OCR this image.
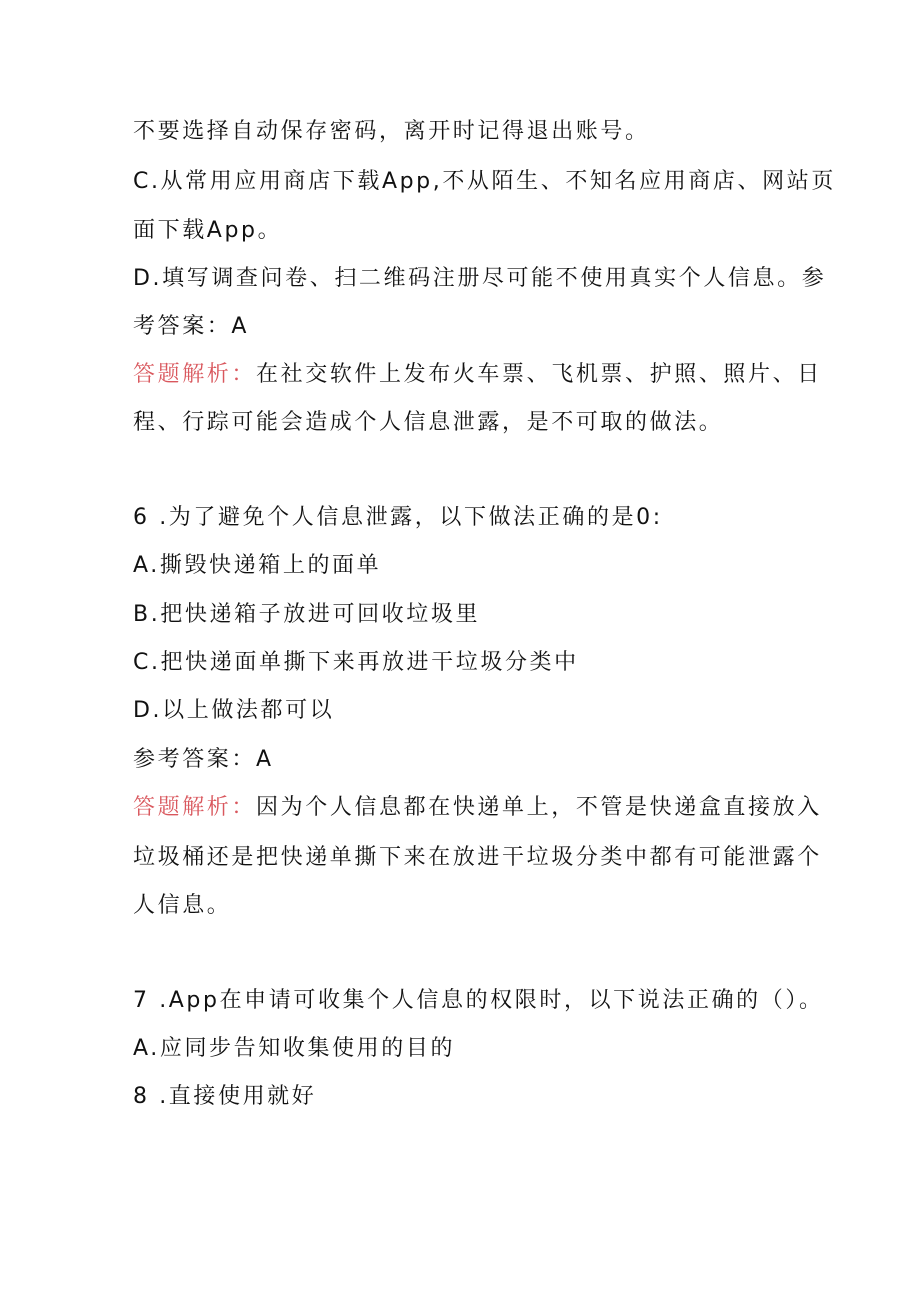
不要选择自动保存密码，离开时记得退出账号。
C.从常用应用商店下载App,不从陌生、不知名应用商店、网站页
面下载App。
D.填写调查问卷、扫二维码注册尽可能不使用真实个人信息。参
考答案：A
答题解析：在社交软件上发布火车票、飞机票、护照、照片、日
程、行踪可能会造成个人信息泄露，是不可取的做法。
6 .为了避免个人信息泄露，以下做法正确的是0:
A.撕毁快递箱上的面单
B.把快递箱子放进可回收垃圾里
C.把快递面单撕下来再放进干垃圾分类中
D.以上做法都可以
参考答案：A
答题解析：因为个人信息都在快递单上，不管是快递盒直接放入
垃圾桶还是把快递单撕下来在放进干垃圾分类中都有可能泄露个
人信息。
7 .App在申请可收集个人信息的权限时，以下说法正确的（）。
A.应同步告知收集使用的目的
8 .直接使用就好
